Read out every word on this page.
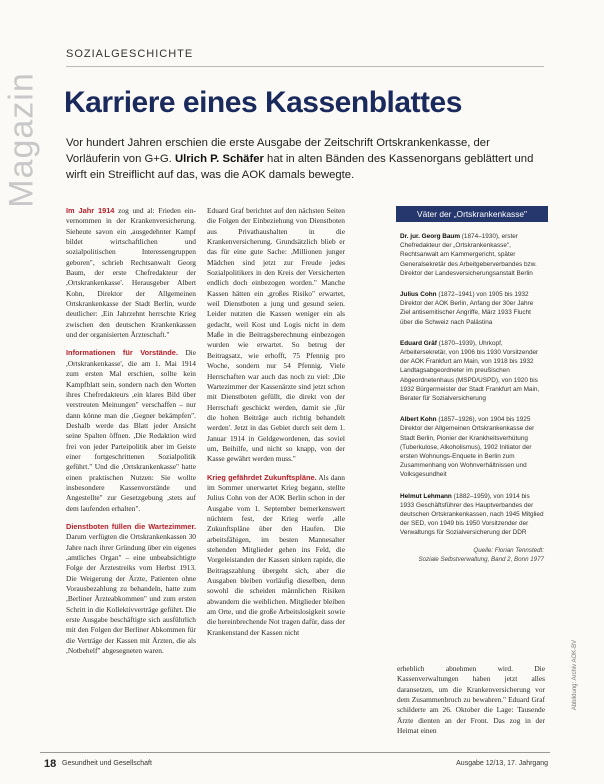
Magazin
SOZIALGESCHICHTE
Karriere eines Kassenblattes
Vor hundert Jahren erschien die erste Ausgabe der Zeitschrift Ortskrankenkasse, der Vorläuferin von G+G. Ulrich P. Schäfer hat in alten Bänden des Kassenorgans geblättert und wirft ein Streiflicht auf das, was die AOK damals bewegte.

Im Jahr 1914 zog und al: Frieden ein-vernommen in der Krankenversicherung. Sieheute savon ein ,ausgedehnter Kampf bildet wirtschaftlichen und sozialpolitischen Interessengruppen geboren", schrieb Rechtsanwalt Georg Baum, der erste Chefredakteur der ,Ortskrankenkasse'. Herausgeber Albert Kohn, Direktor der Allgemeinen Ortskrankenkasse der Stadt Berlin, wurde deutlicher: ,Ein Jahrzehnt herrschte Krieg zwischen den deutschen Krankenkassen und der organisierten Ärzteschaft."

Informationen für Vorstände. Die ,Ortskrankenkasse', die am 1. Mai 1914 zum ersten Mal erschien, sollte kein Kampfblatt sein, sondern nach den Worten ihres Chefredakteurs ,ein klares Bild über verstreuten Meinungen" verschaffen – nur dann könne man die ,Gegner bekämpfen". Deshalb werde das Blatt jeder Ansicht seine Spalten öffnen. ,Die Redaktion wird frei von jeder Parteipolitik aber im Geiste einer fortgeschrittenen Sozialpolitik geführt." Und die ,Ortskrankenkasse" hatte einen praktischen Nutzen: Sie wollte insbesondere Kassenvorstände und Angestellte" zur Gesetzgebung ,stets auf dem laufenden erhalten".

Dienstboten füllen die Wartezimmer. Darum verfügten die Ortskrankenkassen 30 Jahre nach ihrer Gründung über ein eigenes ,amtliches Organ" – eine unbeabsichtigte Folge der Ärztestreiks vom Herbst 1913. Die Weigerung der Ärzte, Patienten ohne Vorausbezahlung zu behandeln, hatte zum ,Berliner Ärzteabkommen" und zum ersten Schritt in die Kollektivverträge geführt. Die erste Ausgabe beschäftigte sich ausführlich mit den Folgen der Berliner Abkommen für die Verträge der Kassen mit Ärzten, die als ,Notbehelf" abgesegneten waren.

Eduard Graf berichtet auf den nächsten Seiten die Folgen der Einbeziehung von Dienstboten aus Privathaushalten in die Krankenversicherung. Grundsätzlich blieb er das für eine gute Sache: ,Millionen junger Mädchen sind jetzt zur Freude jedes Sozialpolitikers in den Kreis der Versicherten endlich doch einbezogen worden." Manche Kassen hätten ein ,großes Risiko" erwartet, weil Dienstboten a jung und gesund seien. Leider nutzten die Kassen weniger ein als gedacht, weil Kost und Logis nicht in dem Maße in die Beitragsberechnung einbezogen wurden wie erwartet. So betrug der Beitragsatz, wie erhofft, 75 Pfennig pro Woche, sondern nur 54 Pfennig. Viele Herrschaften war auch das noch zu viel: ,Die Wartezimmer der Kassenärzte sind jetzt schon mit Dienstboten gefüllt, die direkt von der Herrschaft geschickt werden, damit sie ,für die hohen Beiträge auch richtig behandelt werden'. Jetzt in das Gebiet durch seit dem 1. Januar 1914 in Geldgewordenen, das soviel um, Beihilfe, und nicht so knapp, von der Kasse gewährt werden muss."

Krieg gefährdet Zukunftspläne. Als dann im Sommer unerwartet Krieg begann, stellte Julius Cohn von der AOK Berlin schon in der Ausgabe vom 1. September bemerkenswert nüchtern fest, der Krieg werfe ,alle Zukunftspläne über den Haufen. Die arbeitsfähigen, im besten Mannesalter stehenden Mitglieder gehen ins Feld, die Vorgeleistanden der Kassen sinken rapide, die Beitragszahlung übergeht sich, aber die Ausgaben bleiben vorläufig dieselben, denn sowohl die scheiden männlichen Risiken abwandern die weiblichen. Mitglieder bleiben am Orte, und die große Arbeitslosigkeit sowie die hereinbrechende Not tragen dafür, dass der Krankenstand der Kassen nicht

Väter der „Ortskrankenkasse"

Dr. jur. Georg Baum (1874–1930), erster Chefredakteur der „Ortskrankenkasse", Rechtsanwalt am Kammergericht, später Generalsekretär des Arbeitgeberverbandes bzw. Direktor der Landesversicherungsanstalt Berlin

Julius Cohn (1872–1941) von 1905 bis 1932 Direktor der AOK Berlin, Anfang der 30er Jahre Ziel antisemitischer Angriffe, März 1933 Flucht über die Schweiz nach Palästina

Eduard Gräf (1870–1939), Uhrkopf, Arbeitersekretär, von 1906 bis 1930 Vorsitzender der AOK Frankfurt am Main, von 1918 bis 1932 Landtagsabgeordneter im preußischen Abgeordnetenhaus (MSPD/USPD), von 1920 bis 1932 Bürgermeister der Stadt Frankfurt am Main, Berater für Sozialversicherung

Albert Kohn (1857–1926), von 1904 bis 1925 Direktor der Allgemeinen Ortskrankenkasse der Stadt Berlin, Pionier der Krankheitsverhütung (Tuberkulose, Alkoholismus), 1902 Initiator der ersten Wohnungs-Enquete in Berlin zum Zusammenhang von Wohnverhältnissen und Volksgesundheit

Helmut Lehmann (1882–1959), von 1914 bis 1933 Geschäftsführer des Hauptverbandes der deutschen Ortskrankenkassen, nach 1945 Mitglied der SED, von 1949 bis 1950 Vorsitzender der Verwaltungs für Sozialversicherung der DDR

Quelle: Florian Tennstedt:
Soziale Selbstverwaltung, Band 2, Bonn 1977

erheblich abnehmen wird. Die Kassenverwaltungen haben jetzt alles daransetzen, um die Krankenversicherung vor dem Zusammenbruch zu bewahren." Eduard Graf schilderte am 26. Oktober die Lage: Tausende Ärzte dienten an der Front. Das zog in der Heimat einen

18 Gesundheit und Gesellschaft	Ausgabe 12/13, 17. Jahrgang
Abbildung: Archiv AOK-BV
